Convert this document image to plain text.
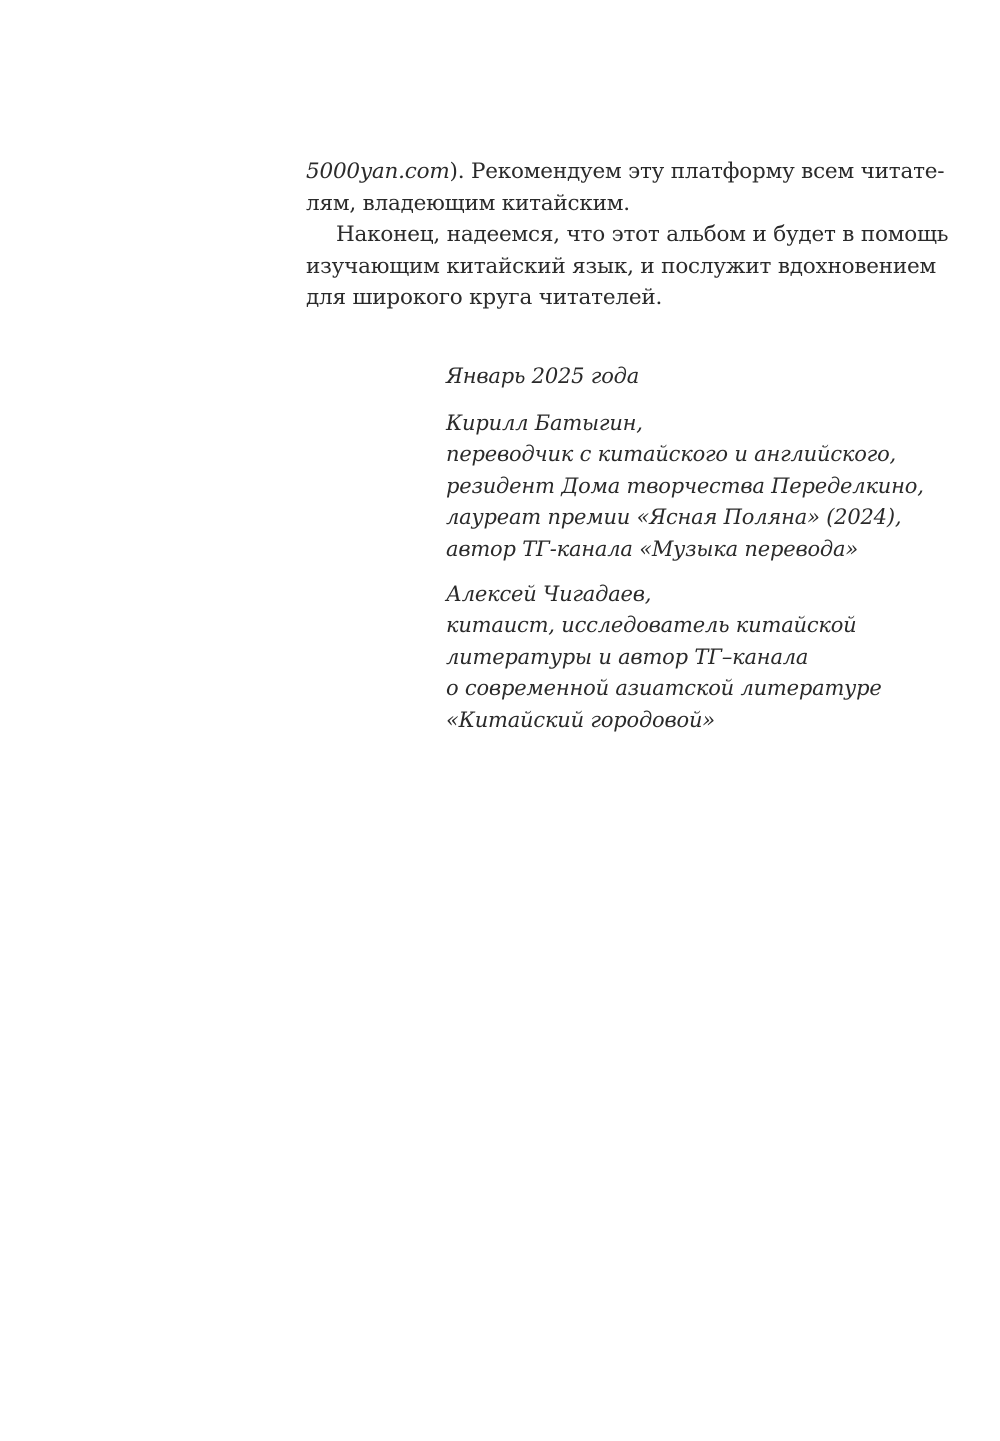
5000yan.com). Рекомендуем эту платформу всем читате-
лям, владеющим китайским.
Наконец, надеемся, что этот альбом и будет в помощь
изучающим китайский язык, и послужит вдохновением
для широкого круга читателей.
Январь 2025 года
Кирилл Батыгин,
переводчик с китайского и английского,
резидент Дома творчества Переделкино,
лауреат премии «Ясная Поляна» (2024),
автор ТГ-канала «Музыка перевода»
Алексей Чигадаев,
китаист, исследователь китайской
литературы и автор ТГ–канала
о современной азиатской литературе
«Китайский городовой»
